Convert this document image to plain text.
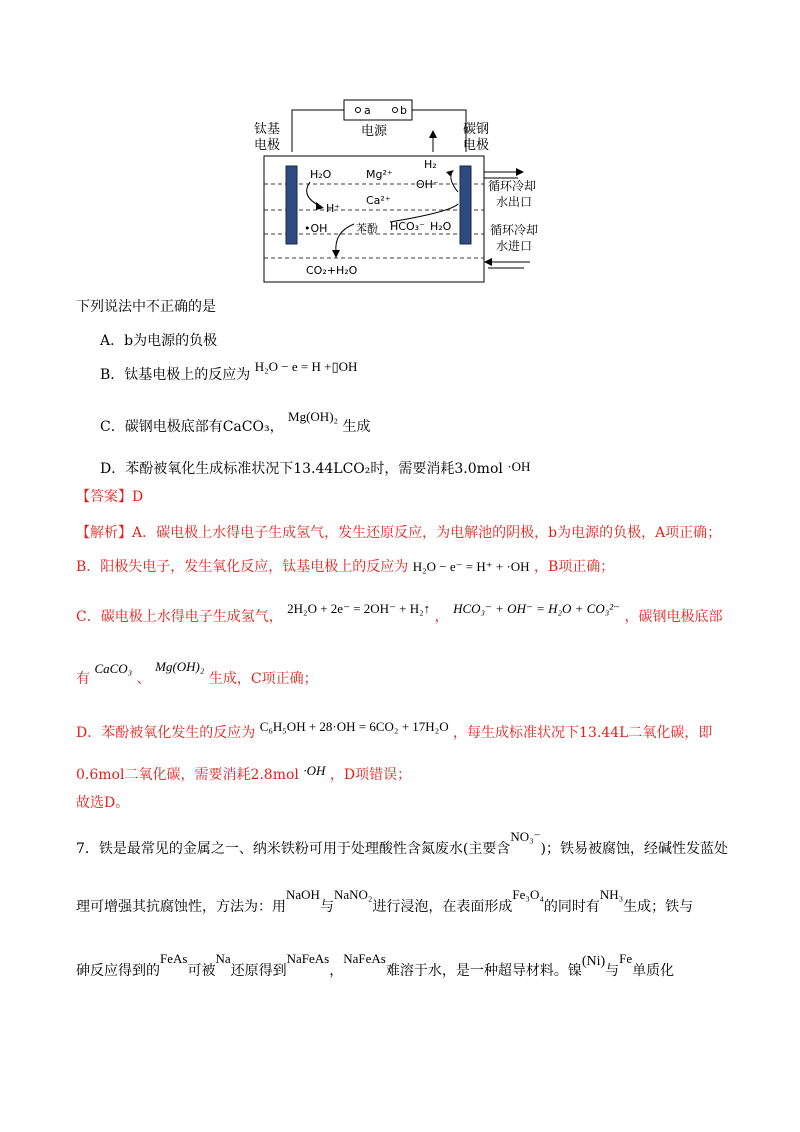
a	b
电源
钛基
电极
碳钢
电极
H₂O	Mg²⁺
H₂
OH⁻
H⁺
Ca²⁺
•OH	苯酚 HCO₃⁻ H₂O
CO₂+H₂O
循环冷却
水出口
循环冷却
水进口
下列说法中不正确的是
A．b为电源的负极
B．钛基电极上的反应为 H₂O − e = H +▯OH
C．碳钢电极底部有CaCO₃， Mg(OH)₂ 生成
D．苯酚被氧化生成标准状况下13.44LCO₂时，需要消耗3.0mol ·OH
【答案】D
【解析】A．碳电极上水得电子生成氢气，发生还原反应，为电解池的阴极，b为电源的负极，A项正确；
B．阳极失电子，发生氧化反应，钛基电极上的反应为 H₂O − e⁻ = H⁺ + ·OH ，B项正确；
C．碳电极上水得电子生成氢气， 2H₂O + 2e⁻ = 2OH⁻ + H₂↑ ， HCO₃⁻ + OH⁻ = H₂O + CO₃²⁻ ，碳钢电极底部
有 CaCO₃ 、 Mg(OH)₂ 生成，C项正确；
D．苯酚被氧化发生的反应为 C₆H₅OH + 28·OH = 6CO₂ + 17H₂O ，每生成标准状况下13.44L二氧化碳，即
0.6mol二氧化碳，需要消耗2.8mol ·OH ，D项错误；
故选D。
7．铁是最常见的金属之一、纳米铁粉可用于处理酸性含氮废水(主要含NO₃⁻)；铁易被腐蚀，经碱性发蓝处
理可增强其抗腐蚀性，方法为：用NaOH与NaNO₂进行浸泡，在表面形成Fe₃O₄的同时有NH₃生成；铁与
砷反应得到的FeAs可被Na还原得到NaFeAs，NaFeAs难溶于水，是一种超导材料。镍(Ni)与Fe单质化
